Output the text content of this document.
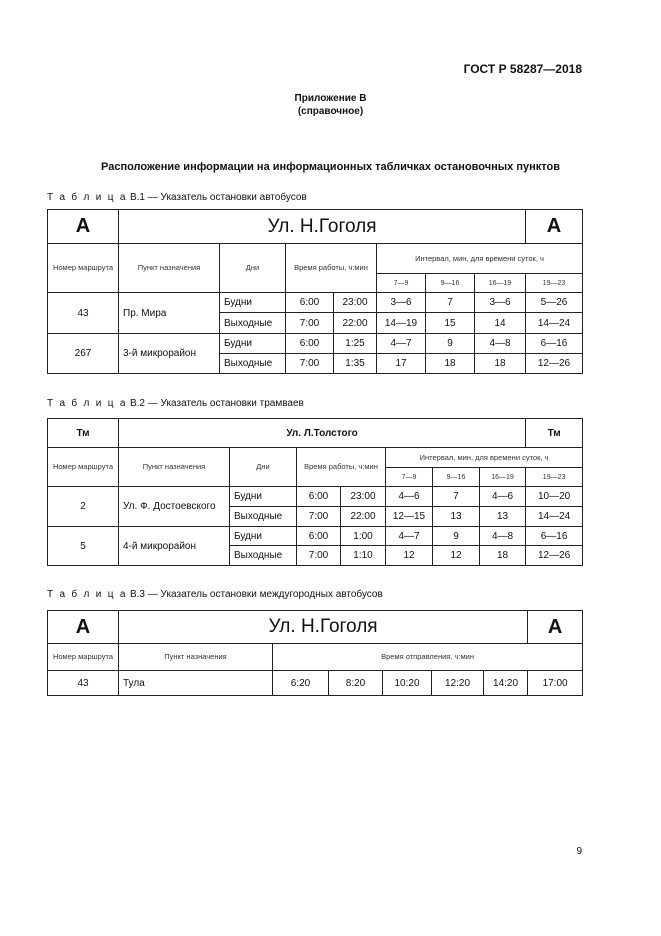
ГОСТ Р 58287—2018
Приложение В
(справочное)
Расположение информации на информационных табличках остановочных пунктов
Т а б л и ц а В.1 — Указатель остановки автобусов
А	Ул. Н.Гоголя							А
Номер маршрута	Пункт назначения	Дни	Время работы, ч:мин		Интервал, мин, для времени суток, ч			
					7—9	9—16	16—19	19—23
43	Пр. Мира	Будни	6:00	23:00	3—6	7	3—6	5—26
		Выходные	7:00	22:00	14—19	15	14	14—24
267	3-й микрорайон	Будни	6:00	1:25	4—7	9	4—8	6—16
		Выходные	7:00	1:35	17	18	18	12—26
Т а б л и ц а В.2 — Указатель остановки трамваев
Тм	Ул. Л.Толстого							Тм
Номер маршрута	Пункт назначения	Дни	Время работы, ч:мин		Интервал, мин, для времени суток, ч			
					7—9	9—16	16—19	19—23
2	Ул. Ф. Достоевского	Будни	6:00	23:00	4—6	7	4—6	10—20
		Выходные	7:00	22:00	12—15	13	13	14—24
5	4-й микрорайон	Будни	6:00	1:00	4—7	9	4—8	6—16
		Выходные	7:00	1:10	12	12	18	12—26
Т а б л и ц а В.3 — Указатель остановки междугородных автобусов
А	Ул. Н.Гоголя						А
Номер маршрута	Пункт назначения	Время отправления, ч:мин					
43	Тула	6:20	8:20	10:20	12:20	14:20	17:00
9
